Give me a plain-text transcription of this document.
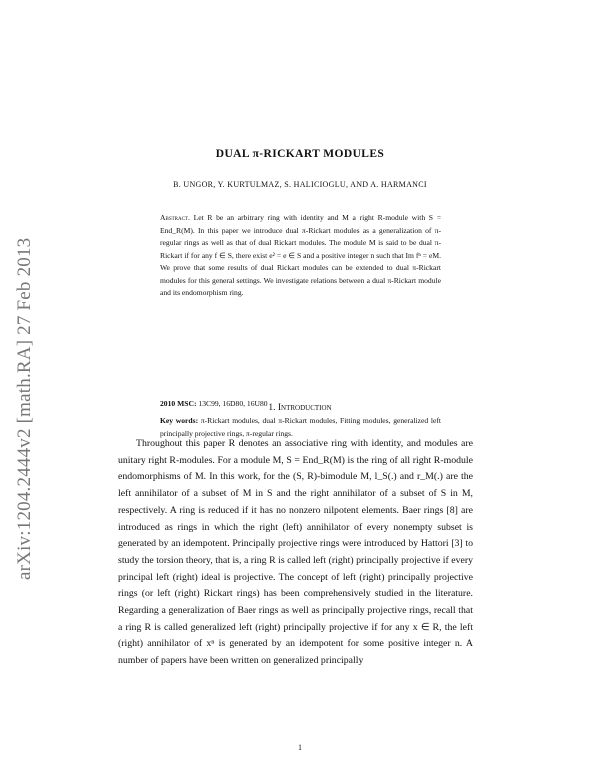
arXiv:1204.2444v2 [math.RA] 27 Feb 2013
DUAL π-RICKART MODULES
B. UNGOR, Y. KURTULMAZ, S. HALICIOGLU, AND A. HARMANCI
Abstract. Let R be an arbitrary ring with identity and M a right R-module with S = End_R(M). In this paper we introduce dual π-Rickart modules as a generalization of π-regular rings as well as that of dual Rickart modules. The module M is said to be dual π-Rickart if for any f ∈ S, there exist e² = e ∈ S and a positive integer n such that Im fⁿ = eM. We prove that some results of dual Rickart modules can be extended to dual π-Rickart modules for this general settings. We investigate relations between a dual π-Rickart module and its endomorphism ring.
2010 MSC: 13C99, 16D80, 16U80
Key words: π-Rickart modules, dual π-Rickart modules, Fitting modules, generalized left principally projective rings, π-regular rings.
1. Introduction

Throughout this paper R denotes an associative ring with identity, and modules are unitary right R-modules. For a module M, S = End_R(M) is the ring of all right R-module endomorphisms of M. In this work, for the (S, R)-bimodule M, l_S(.) and r_M(.) are the left annihilator of a subset of M in S and the right annihilator of a subset of S in M, respectively. A ring is reduced if it has no nonzero nilpotent elements. Baer rings [8] are introduced as rings in which the right (left) annihilator of every nonempty subset is generated by an idempotent. Principally projective rings were introduced by Hattori [3] to study the torsion theory, that is, a ring R is called left (right) principally projective if every principal left (right) ideal is projective. The concept of left (right) principally projective rings (or left (right) Rickart rings) has been comprehensively studied in the literature. Regarding a generalization of Baer rings as well as principally projective rings, recall that a ring R is called generalized left (right) principally projective if for any x ∈ R, the left (right) annihilator of xⁿ is generated by an idempotent for some positive integer n. A number of papers have been written on generalized principally

1
